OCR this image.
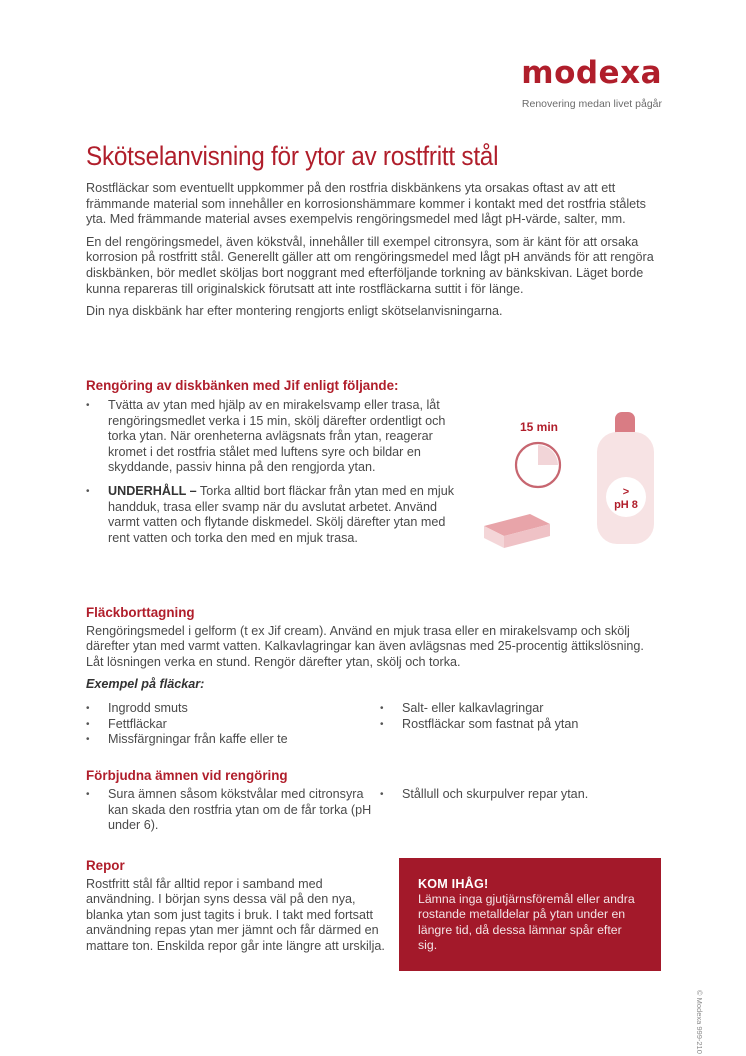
modexa
Renovering medan livet pågår
Skötselanvisning för ytor av rostfritt stål

Rostfläckar som eventuellt uppkommer på den rostfria diskbänkens yta orsakas oftast av att ett främmande material som innehåller en korrosionshämmare kommer i kontakt med det rostfria stålets yta. Med främmande material avses exempelvis rengöringsmedel med lågt pH-värde, salter, mm.

En del rengöringsmedel, även kökstvål, innehåller till exempel citronsyra, som är känt för att orsaka korrosion på rostfritt stål. Generellt gäller att om rengöringsmedel med lågt pH används för att rengöra diskbänken, bör medlet sköljas bort noggrant med efterföljande torkning av bänkskivan. Läget borde kunna repareras till originalskick förutsatt att inte rostfläckarna suttit i för länge.

Din nya diskbänk har efter montering rengjorts enligt skötselanvisningarna.

Rengöring av diskbänken med Jif enligt följande:
• Tvätta av ytan med hjälp av en mirakelsvamp eller trasa, låt rengöringsmedlet verka i 15 min, skölj därefter ordentligt och torka ytan. När orenheterna avlägsnats från ytan, reagerar kromet i det rostfria stålet med luftens syre och bildar en skyddande, passiv hinna på den rengjorda ytan.
• UNDERHÅLL – Torka alltid bort fläckar från ytan med en mjuk handduk, trasa eller svamp när du avslutat arbetet. Använd varmt vatten och flytande diskmedel. Skölj därefter ytan med rent vatten och torka den med en mjuk trasa.
15 min
>
pH 8
Fläckborttagning

Rengöringsmedel i gelform (t ex Jif cream). Använd en mjuk trasa eller en mirakelsvamp och skölj därefter ytan med varmt vatten. Kalkavlagringar kan även avlägsnas med 25-procentig ättikslösning. Låt lösningen verka en stund. Rengör därefter ytan, skölj och torka.

Exempel på fläckar:
• Ingrodd smuts
• Fettfläckar
• Missfärgningar från kaffe eller te
• Salt- eller kalkavlagringar
• Rostfläckar som fastnat på ytan
Förbjudna ämnen vid rengöring
• Sura ämnen såsom kökstvålar med citronsyra kan skada den rostfria ytan om de får torka (pH under 6).
• Stållull och skurpulver repar ytan.
Repor

Rostfritt stål får alltid repor i samband med användning. I början syns dessa väl på den nya, blanka ytan som just tagits i bruk. I takt med fortsatt användning repas ytan mer jämnt och får därmed en mattare ton. Enskilda repor går inte längre att urskilja.

KOM IHÅG!
Lämna inga gjutjärnsföremål eller andra rostande metalldelar på ytan under en längre tid, då dessa lämnar spår efter sig.
© Modexa 999-210
